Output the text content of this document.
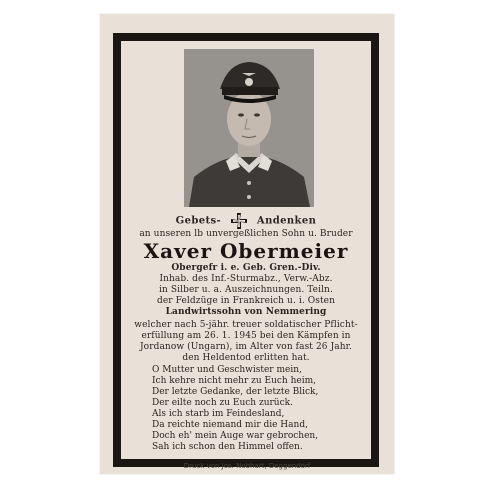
Gebets-	Andenken
an unseren lb unvergeßlichen Sohn u. Bruder
Xaver Obermeier
Obergefr i. e. Geb. Gren.-Div.
Inhab. des Inf.-Sturmabz., Verw.-Abz.
in Silber u. a. Auszeichnungen. Teiln.
der Feldzüge in Frankreich u. i. Osten
Landwirtssohn von Nemmering
welcher nach 5-jähr. treuer soldatischer Pflicht-
erfüllung am 26. 1. 1945 bei den Kämpfen in
Jordanow (Ungarn), im Alter von fast 26 Jahr.
den Heldentod erlitten hat.
O Mutter und Geschwister mein,
Ich kehre nicht mehr zu Euch heim,
Der letzte Gedanke, der letzte Blick,
Der eilte noch zu Euch zurück.
Als ich starb im Feindesland,
Da reichte niemand mir die Hand,
Doch eh' mein Auge war gebrochen,
Sah ich schon den Himmel offen.
Druck von Jos. Nobhart, Deggendorf
